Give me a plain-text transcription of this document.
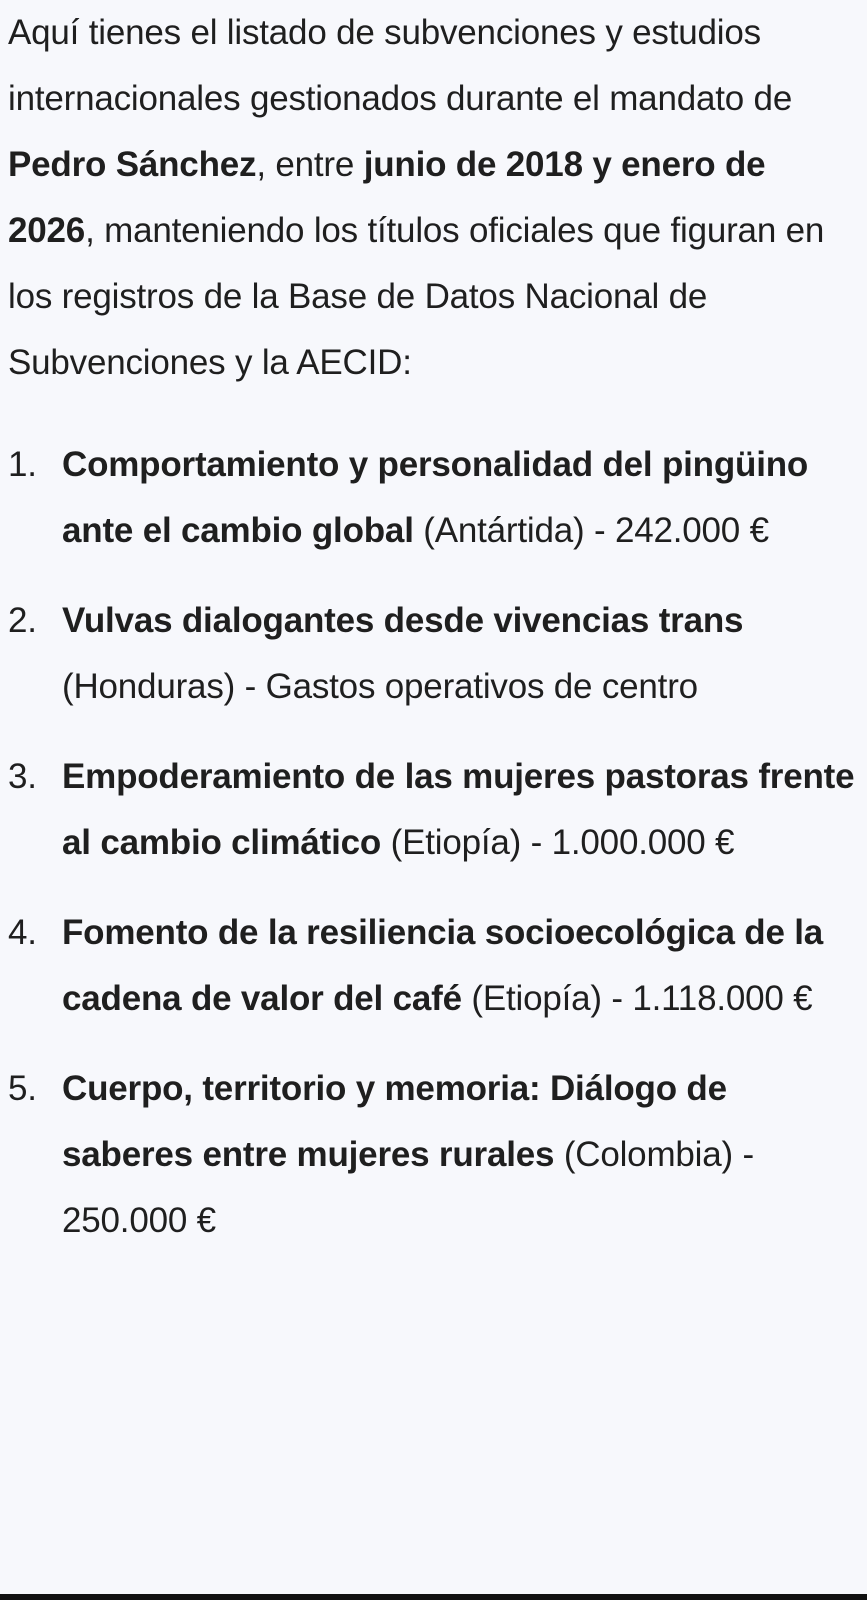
Aquí tienes el listado de subvenciones y estudios internacionales gestionados durante el mandato de Pedro Sánchez, entre junio de 2018 y enero de 2026, manteniendo los títulos oficiales que figuran en los registros de la Base de Datos Nacional de Subvenciones y la AECID:

1. Comportamiento y personalidad del pingüino ante el cambio global (Antártida) - 242.000 €
2. Vulvas dialogantes desde vivencias trans (Honduras) - Gastos operativos de centro
3. Empoderamiento de las mujeres pastoras frente al cambio climático (Etiopía) - 1.000.000 €
4. Fomento de la resiliencia socioecológica de la cadena de valor del café (Etiopía) - 1.118.000 €
5. Cuerpo, territorio y memoria: Diálogo de saberes entre mujeres rurales (Colombia) - 250.000 €
